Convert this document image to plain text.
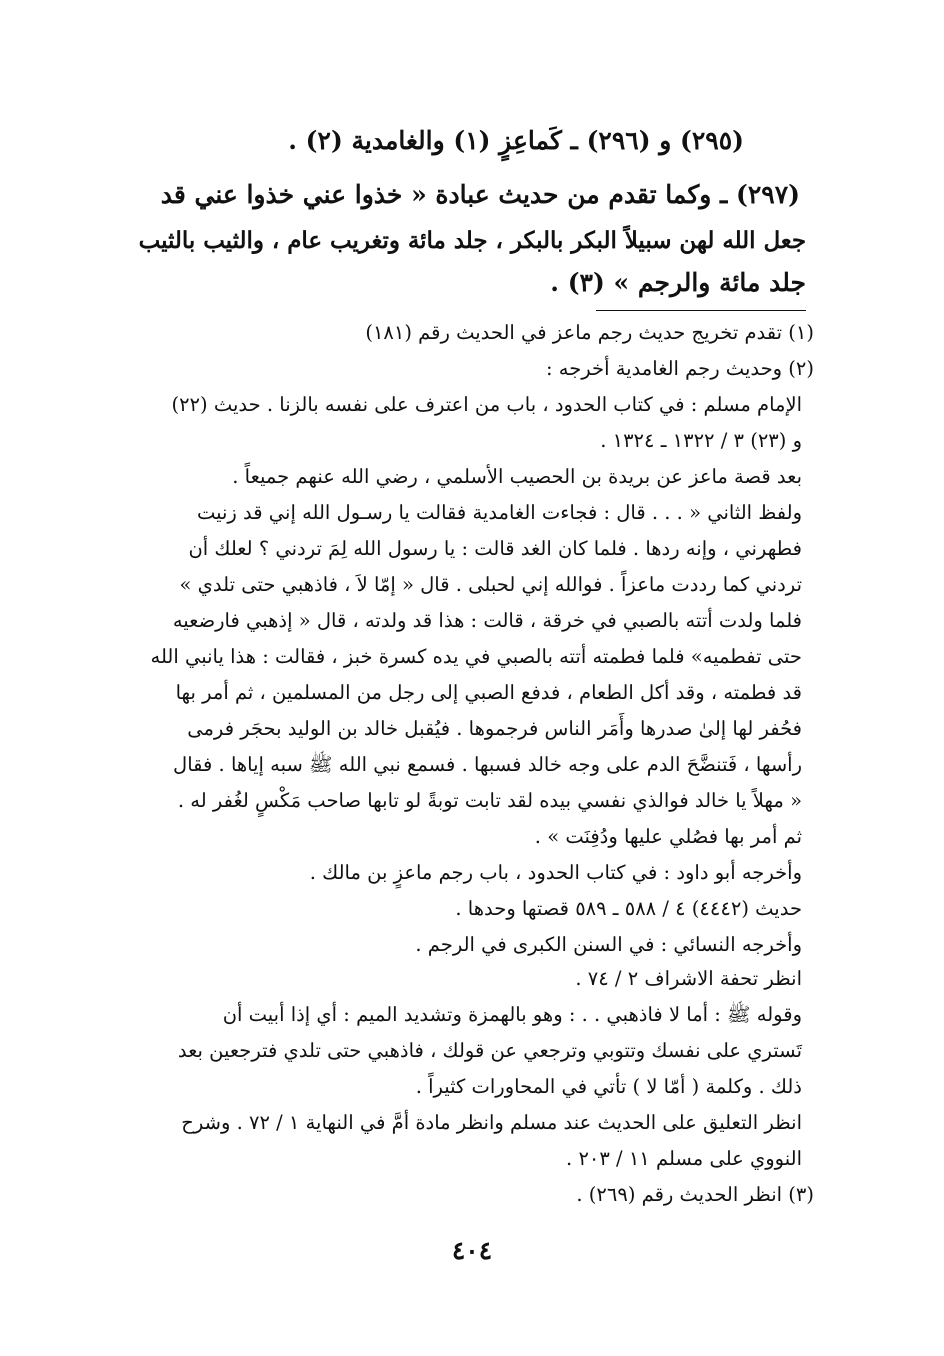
(٢٩٥) و (٢٩٦) ـ كَماعِزٍ (١) والغامدية (٢) .
(٢٩٧) ـ وكما تقدم من حديث عبادة « خذوا عني خذوا عني قد
جعل الله لهن سبيلاً البكر بالبكر ، جلد مائة وتغريب عام ، والثيب بالثيب
جلد مائة والرجم » (٣) .
(١) تقدم تخريج حديث رجم ماعز في الحديث رقم (١٨١)
(٢) وحديث رجم الغامدية أخرجه :
الإمام مسلم : في كتاب الحدود ، باب من اعترف على نفسه بالزنا . حديث (٢٢)
و (٢٣) ٣ / ١٣٢٢ ـ ١٣٢٤ .
بعد قصة ماعز عن بريدة بن الحصيب الأسلمي ، رضي الله عنهم جميعاً .
ولفظ الثاني « . . . قال : فجاءت الغامدية فقالت يا رسـول الله إني قد زنيت
فطهرني ، وإنه ردها . فلما كان الغد قالت : يا رسول الله لِمَ تردني ؟ لعلك أن
تردني كما رددت ماعزاً . فوالله إني لحبلى . قال « إمّا لاَ ، فاذهبي حتى تلدي »
فلما ولدت أتته بالصبي في خرقة ، قالت : هذا قد ولدته ، قال « إذهبي فارضعيه
حتى تفطميه» فلما فطمته أتته بالصبي في يده كسرة خبز ، فقالت : هذا يانبي الله
قد فطمته ، وقد أكل الطعام ، فدفع الصبي إلى رجل من المسلمين ، ثم أمر بها
فحُفر لها إلىٰ صدرها وأَمَر الناس فرجموها . فيُقبل خالد بن الوليد بحجَر فرمى
رأسها ، فَتنضَّحَ الدم على وجه خالد فسبها . فسمع نبي الله ﷺ سبه إياها . فقال
« مهلاً يا خالد فوالذي نفسي بيده لقد تابت توبةً لو تابها صاحب مَكْسٍ لغُفر له .
ثم أمر بها فصُلي عليها ودُفِنَت » .
وأخرجه أبو داود : في كتاب الحدود ، باب رجم ماعزٍ بن مالك .
حديث (٤٤٤٢) ٤ / ٥٨٨ ـ ٥٨٩ قصتها وحدها .
وأخرجه النسائي : في السنن الكبرى في الرجم .
انظر تحفة الاشراف ٢ / ٧٤ .
وقوله ﷺ : أما لا فاذهبي . . : وهو بالهمزة وتشديد الميم : أي إذا أبيت أن
تَستري على نفسك وتتوبي وترجعي عن قولك ، فاذهبي حتى تلدي فترجعين بعد
ذلك . وكلمة ( أمّا لا ) تأتي في المحاورات كثيراً .
انظر التعليق على الحديث عند مسلم وانظر مادة أمَّ في النهاية ١ / ٧٢ . وشرح
النووي على مسلم ١١ / ٢٠٣ .
(٣) انظر الحديث رقم (٢٦٩) .
٤٠٤
